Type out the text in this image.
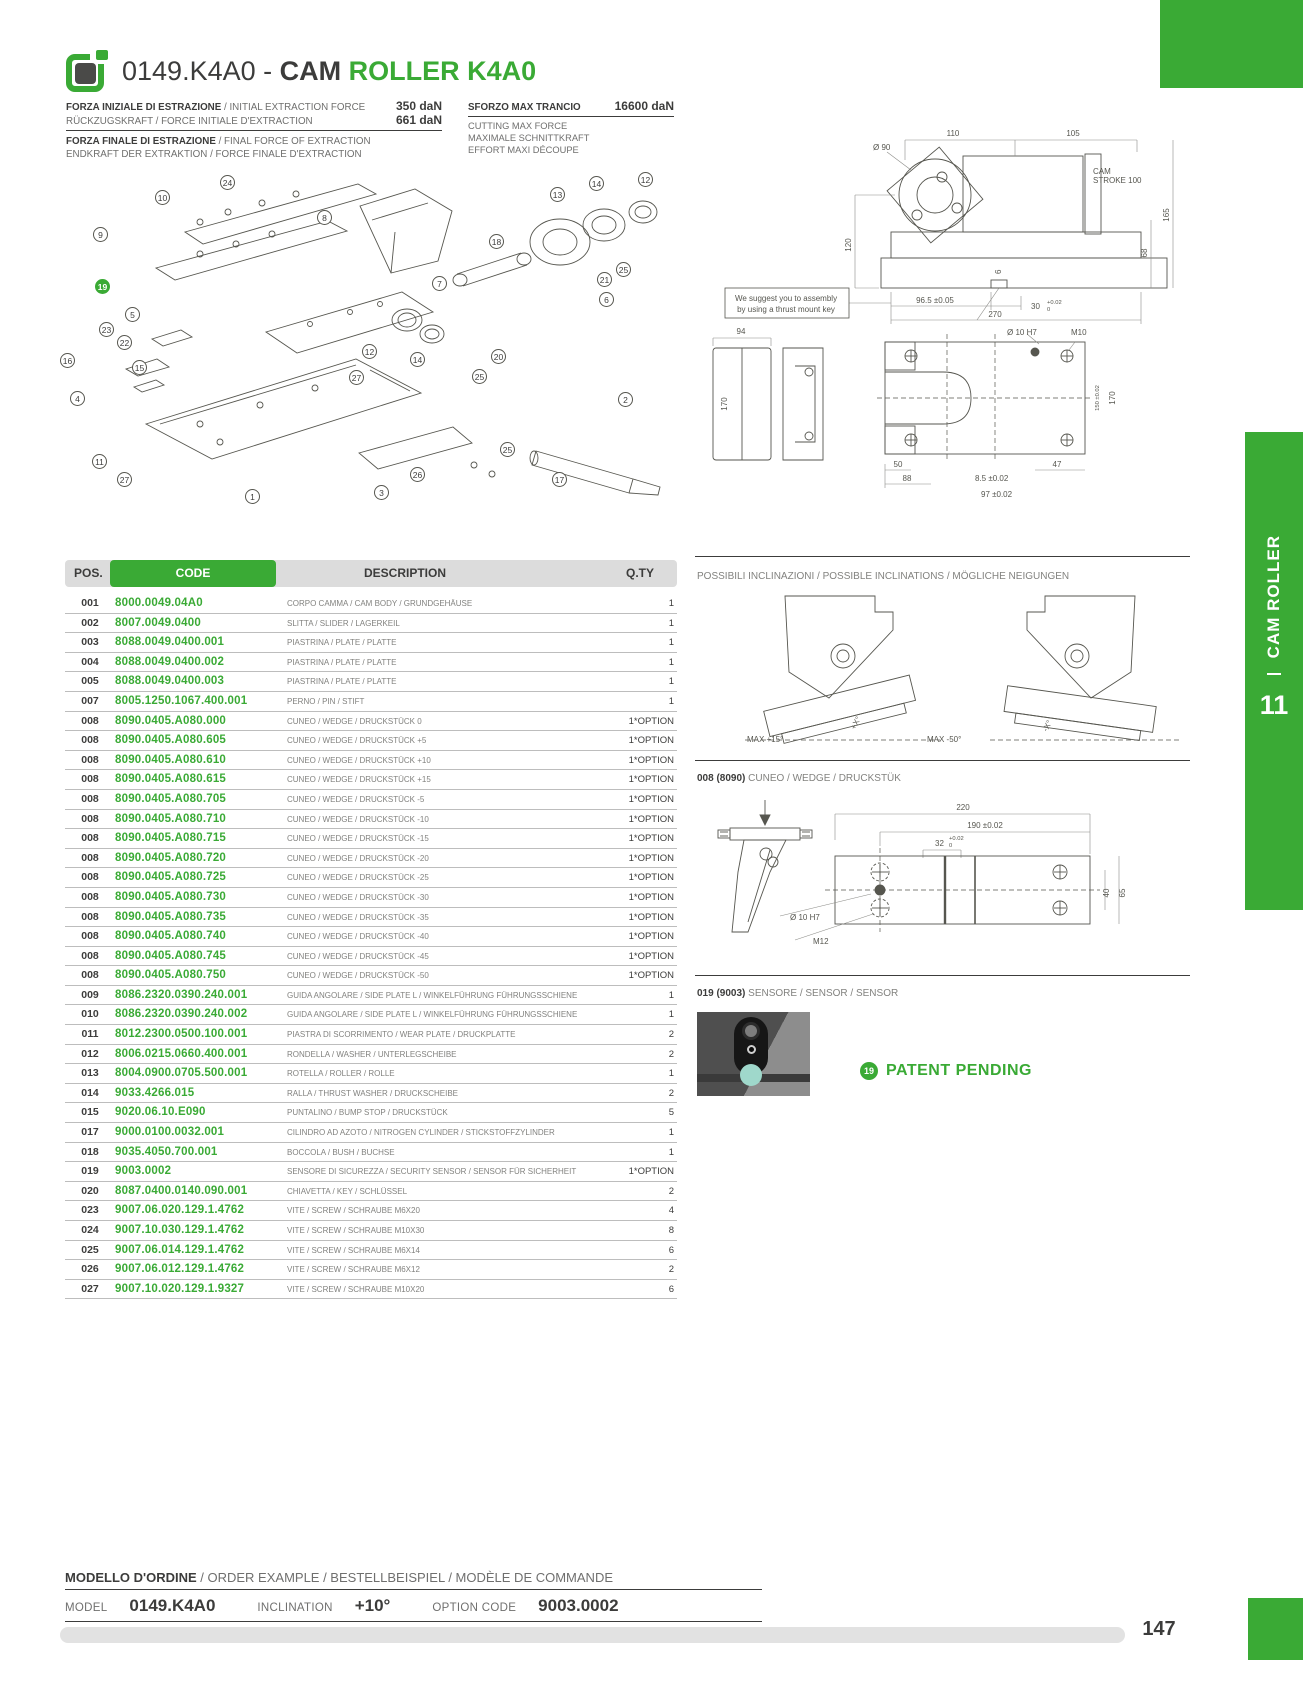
CAM ROLLER
11
0149.K4A0 - CAM ROLLER K4A0
FORZA INIZIALE DI ESTRAZIONE / INITIAL EXTRACTION FORCE	350 daN
RÜCKZUGSKRAFT / FORCE INITIALE D'EXTRACTION	661 daN
FORZA FINALE DI ESTRAZIONE / FINAL FORCE OF EXTRACTION
ENDKRAFT DER EXTRAKTION / FORCE FINALE D'EXTRACTION
SFORZO MAX TRANCIO	16600 daN
CUTTING MAX FORCE
MAXIMALE SCHNITTKRAFT
EFFORT MAXI DÉCOUPE
24
10
9
19
8
5
23
22
15
16
4
11
27
1
13
14	12
18
7	21
25
6
20
25
2
12
14
27
3
26
25
17
We suggest you to assembly
by using a thrust mount key
Ø 90
110	105
CAM
STROKE 100
120
165
68
96.5 ±0.05
30 +0.02
0
6
270
94
170
Ø 10 H7	M10
150 ±0.02 170
50
88	8.5 ±0.02
97 ±0.02
47
POSSIBILI INCLINAZIONI / POSSIBLE INCLINATIONS / MÖGLICHE NEIGUNGEN
+X°	-X°
MAX +15°	MAX -50°
008 (8090) CUNEO / WEDGE / DRUCKSTÜK
220
190 ±0.02
32 +0.02
0
40 65
Ø 10 H7
M12
019 (9003) SENSORE / SENSOR / SENSOR
19 PATENT PENDING
POS.	CODE	DESCRIPTION	Q.TY
001	8000.0049.04A0	CORPO CAMMA / CAM BODY / GRUNDGEHÄUSE	1
002	8007.0049.0400	SLITTA / SLIDER / LAGERKEIL	1
003	8088.0049.0400.001	PIASTRINA / PLATE / PLATTE	1
004	8088.0049.0400.002	PIASTRINA / PLATE / PLATTE	1
005	8088.0049.0400.003	PIASTRINA / PLATE / PLATTE	1
007	8005.1250.1067.400.001	PERNO / PIN / STIFT	1
008	8090.0405.A080.000	CUNEO / WEDGE / DRUCKSTÜCK 0	1*OPTION
008	8090.0405.A080.605	CUNEO / WEDGE / DRUCKSTÜCK +5	1*OPTION
008	8090.0405.A080.610	CUNEO / WEDGE / DRUCKSTÜCK +10	1*OPTION
008	8090.0405.A080.615	CUNEO / WEDGE / DRUCKSTÜCK +15	1*OPTION
008	8090.0405.A080.705	CUNEO / WEDGE / DRUCKSTÜCK -5	1*OPTION
008	8090.0405.A080.710	CUNEO / WEDGE / DRUCKSTÜCK -10	1*OPTION
008	8090.0405.A080.715	CUNEO / WEDGE / DRUCKSTÜCK -15	1*OPTION
008	8090.0405.A080.720	CUNEO / WEDGE / DRUCKSTÜCK -20	1*OPTION
008	8090.0405.A080.725	CUNEO / WEDGE / DRUCKSTÜCK -25	1*OPTION
008	8090.0405.A080.730	CUNEO / WEDGE / DRUCKSTÜCK -30	1*OPTION
008	8090.0405.A080.735	CUNEO / WEDGE / DRUCKSTÜCK -35	1*OPTION
008	8090.0405.A080.740	CUNEO / WEDGE / DRUCKSTÜCK -40	1*OPTION
008	8090.0405.A080.745	CUNEO / WEDGE / DRUCKSTÜCK -45	1*OPTION
008	8090.0405.A080.750	CUNEO / WEDGE / DRUCKSTÜCK -50	1*OPTION
009	8086.2320.0390.240.001	GUIDA ANGOLARE / SIDE PLATE L / WINKELFÜHRUNG FÜHRUNGSSCHIENE	1
010	8086.2320.0390.240.002	GUIDA ANGOLARE / SIDE PLATE L / WINKELFÜHRUNG FÜHRUNGSSCHIENE	1
011	8012.2300.0500.100.001	PIASTRA DI SCORRIMENTO / WEAR PLATE / DRUCKPLATTE	2
012	8006.0215.0660.400.001	RONDELLA / WASHER / UNTERLEGSCHEIBE	2
013	8004.0900.0705.500.001	ROTELLA / ROLLER / ROLLE	1
014	9033.4266.015	RALLA / THRUST WASHER / DRUCKSCHEIBE	2
015	9020.06.10.E090	PUNTALINO / BUMP STOP / DRUCKSTÜCK	5
017	9000.0100.0032.001	CILINDRO AD AZOTO / NITROGEN CYLINDER / STICKSTOFFZYLINDER	1
018	9035.4050.700.001	BOCCOLA / BUSH / BUCHSE	1
019	9003.0002	SENSORE DI SICUREZZA / SECURITY SENSOR / SENSOR FÜR SICHERHEIT	1*OPTION
020	8087.0400.0140.090.001	CHIAVETTA / KEY / SCHLÜSSEL	2
023	9007.06.020.129.1.4762	VITE / SCREW / SCHRAUBE M6X20	4
024	9007.10.030.129.1.4762	VITE / SCREW / SCHRAUBE M10X30	8
025	9007.06.014.129.1.4762	VITE / SCREW / SCHRAUBE M6X14	6
026	9007.06.012.129.1.4762	VITE / SCREW / SCHRAUBE M6X12	2
027	9007.10.020.129.1.9327	VITE / SCREW / SCHRAUBE M10X20	6
MODELLO D'ORDINE / ORDER EXAMPLE / BESTELLBEISPIEL / MODÈLE DE COMMANDE
MODEL 0149.K4A0	INCLINATION +10°	OPTION CODE 9003.0002
147
